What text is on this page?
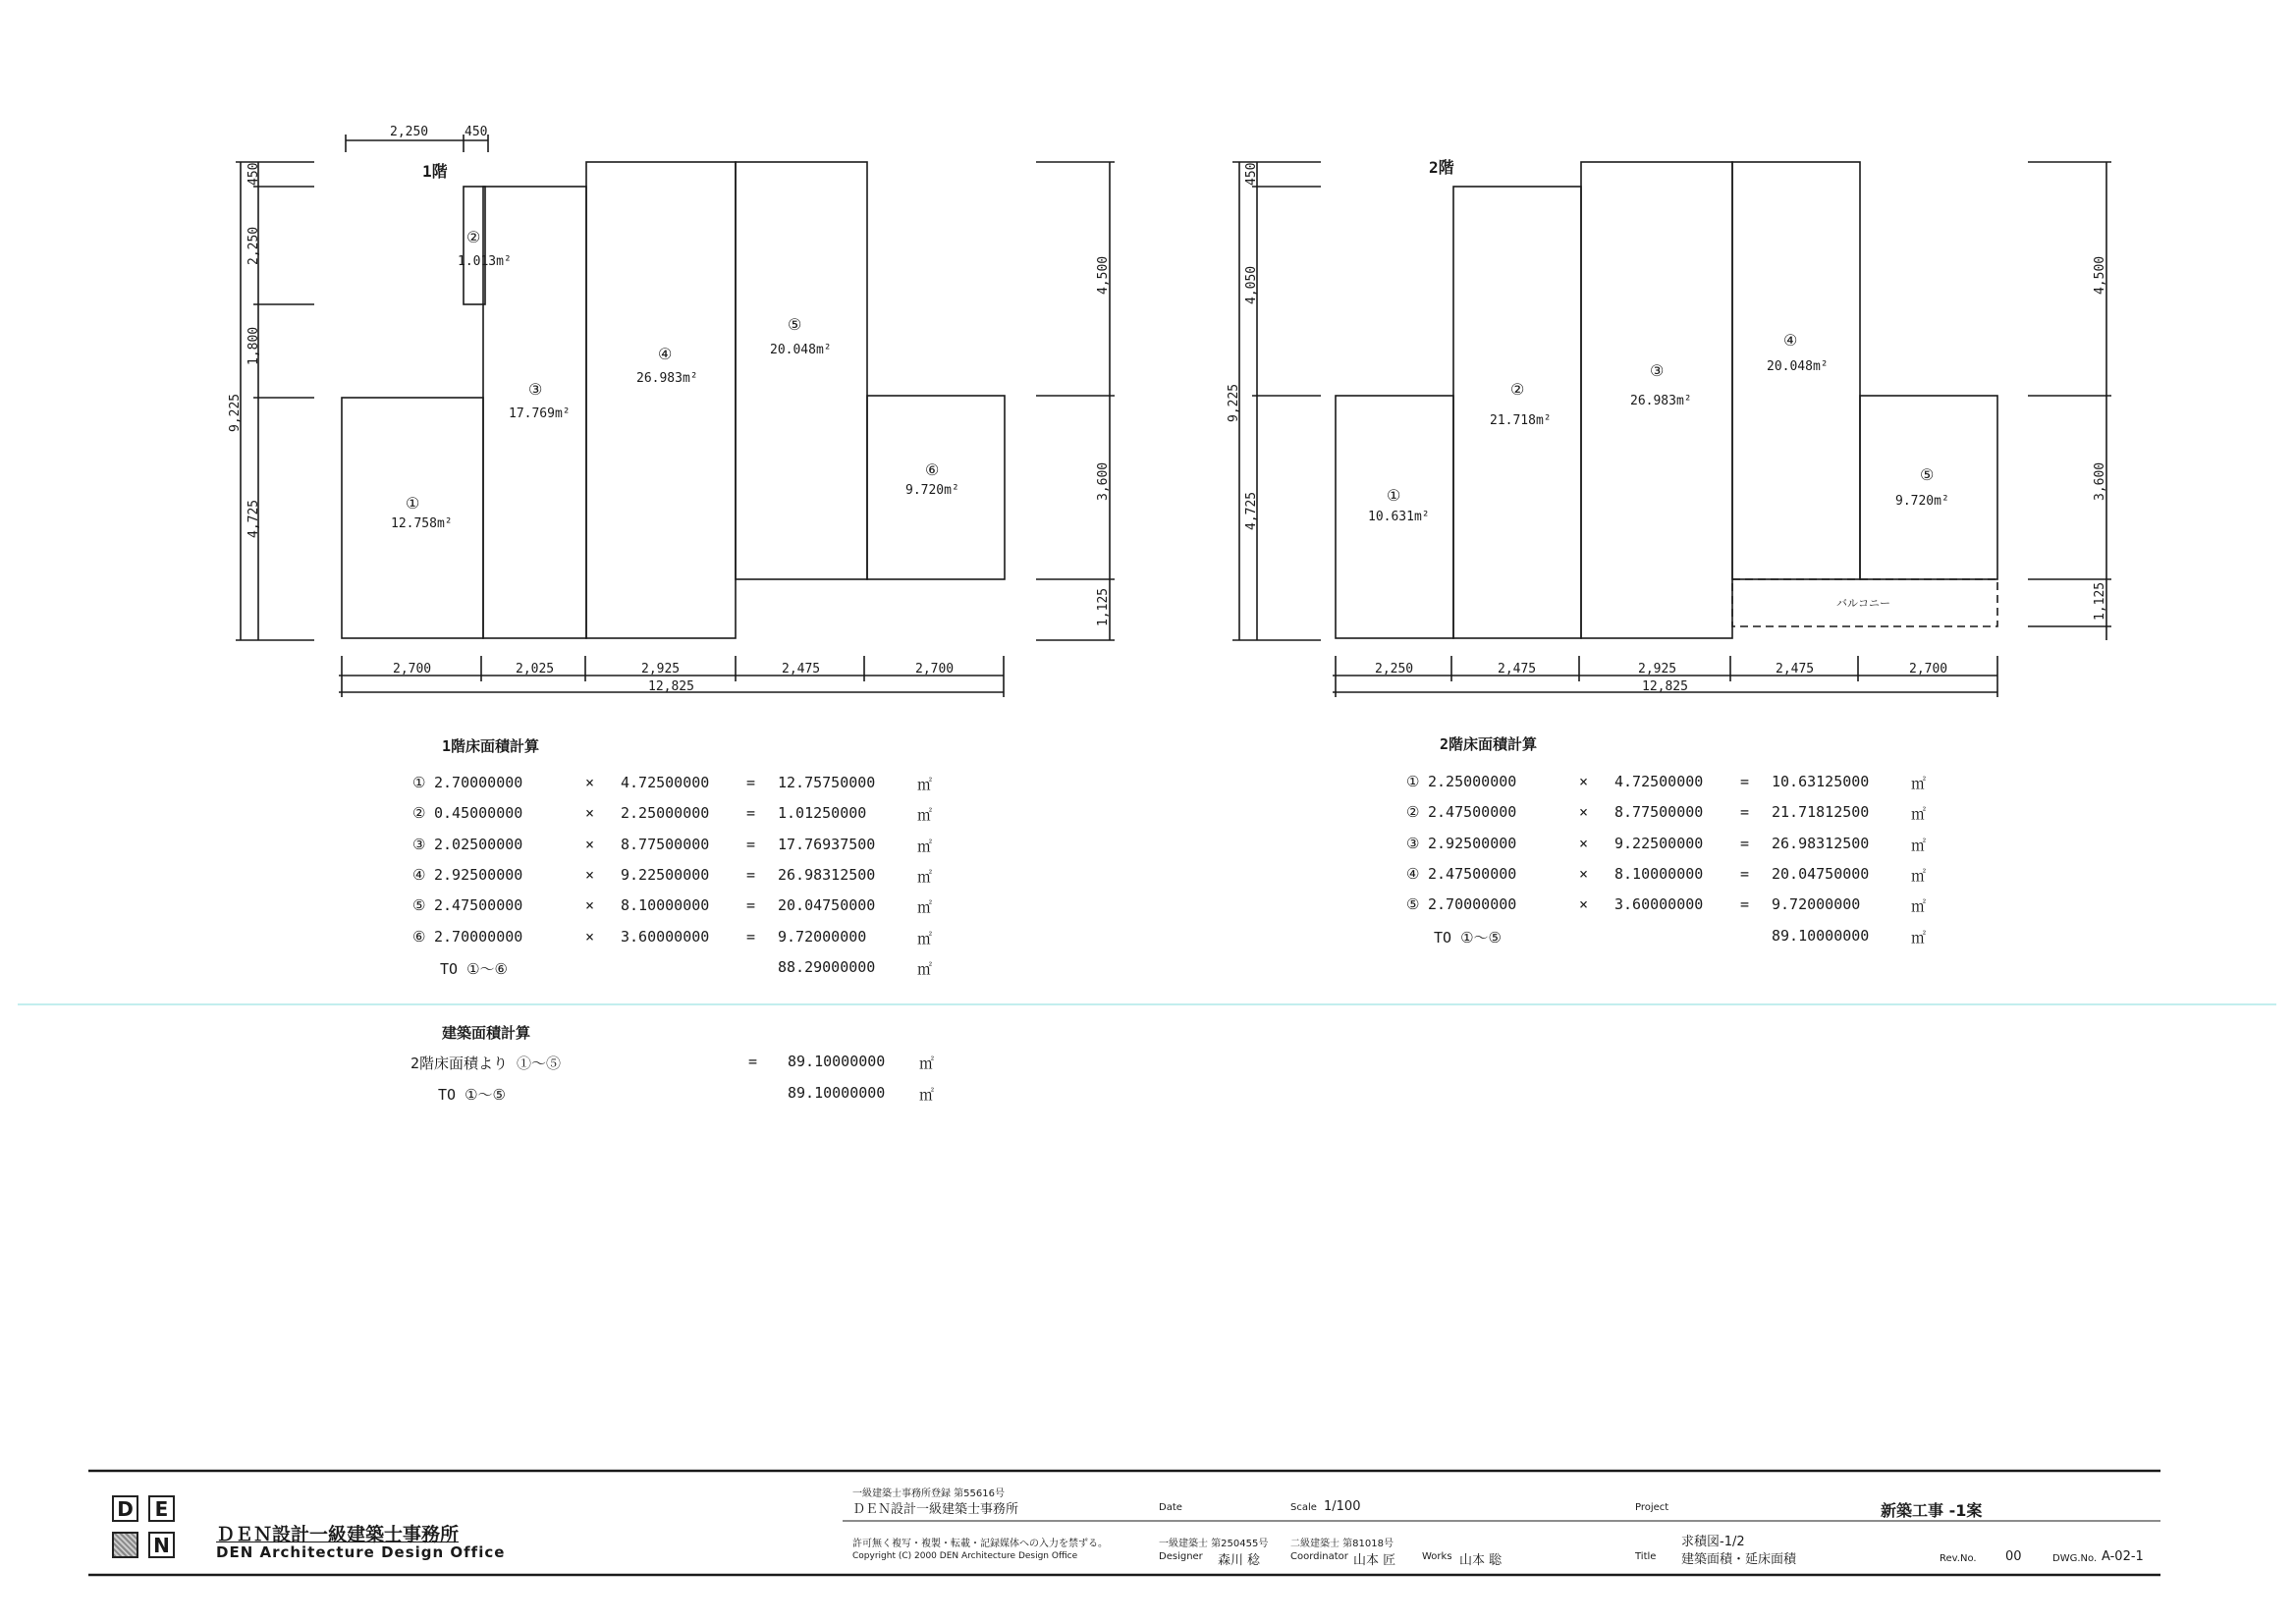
1階
2,250	450
450
2,250
1,800
4,725
9,225
4,500
3,600
1,125
2,700	2,025	2,925	2,475	2,700
12,825
①
12.758m²
②
1.013m²
③
17.769m²
④
26.983m²
⑤
20.048m²
⑥
9.720m²
2階
450
4,050
4,725
9,225
4,500
3,600
1,125
2,250	2,475	2,925	2,475	2,700
12,825
バルコニー
①
10.631m²
②
21.718m²
③
26.983m²
④
20.048m²
⑤
9.720m²
1階床面積計算
① 2.70000000	× 4.72500000	= 12.75750000	㎡
② 0.45000000	× 2.25000000	= 1.01250000	㎡
③ 2.02500000	× 8.77500000	= 17.76937500	㎡
④ 2.92500000	× 9.22500000	= 26.98312500	㎡
⑤ 2.47500000	× 8.10000000	= 20.04750000	㎡
⑥ 2.70000000	× 3.60000000	= 9.72000000	㎡
TO ①～⑥	88.29000000	㎡
2階床面積計算
① 2.25000000	× 4.72500000	= 10.63125000	㎡
② 2.47500000	× 8.77500000	= 21.71812500	㎡
③ 2.92500000	× 9.22500000	= 26.98312500	㎡
④ 2.47500000	× 8.10000000	= 20.04750000	㎡
⑤ 2.70000000	× 3.60000000	= 9.72000000	㎡
TO ①～⑤	89.10000000	㎡
建築面積計算
2階床面積より ①～⑤	= 89.10000000 ㎡
TO ①～⑤	89.10000000 ㎡
D	E
N ＤＥＮ設計一級建築士事務所
DEN Architecture Design Office
一級建築士事務所登録 第55616号
ＤＥＮ設計一級建築士事務所
許可無く複写・複製・転載・記録媒体への入力を禁ずる。
Copyright (C) 2000 DEN Architecture Design Office
Date	Scale 1/100	Project	新築工事 -1案
一級建築士 第250455号
Designer 森川 稔
二級建築士 第81018号
Coordinator 山本 匠	Works 山本 聡	Title
求積図-1/2
建築面積・延床面積	Rev.No. 00	DWG.No. A-02-1
